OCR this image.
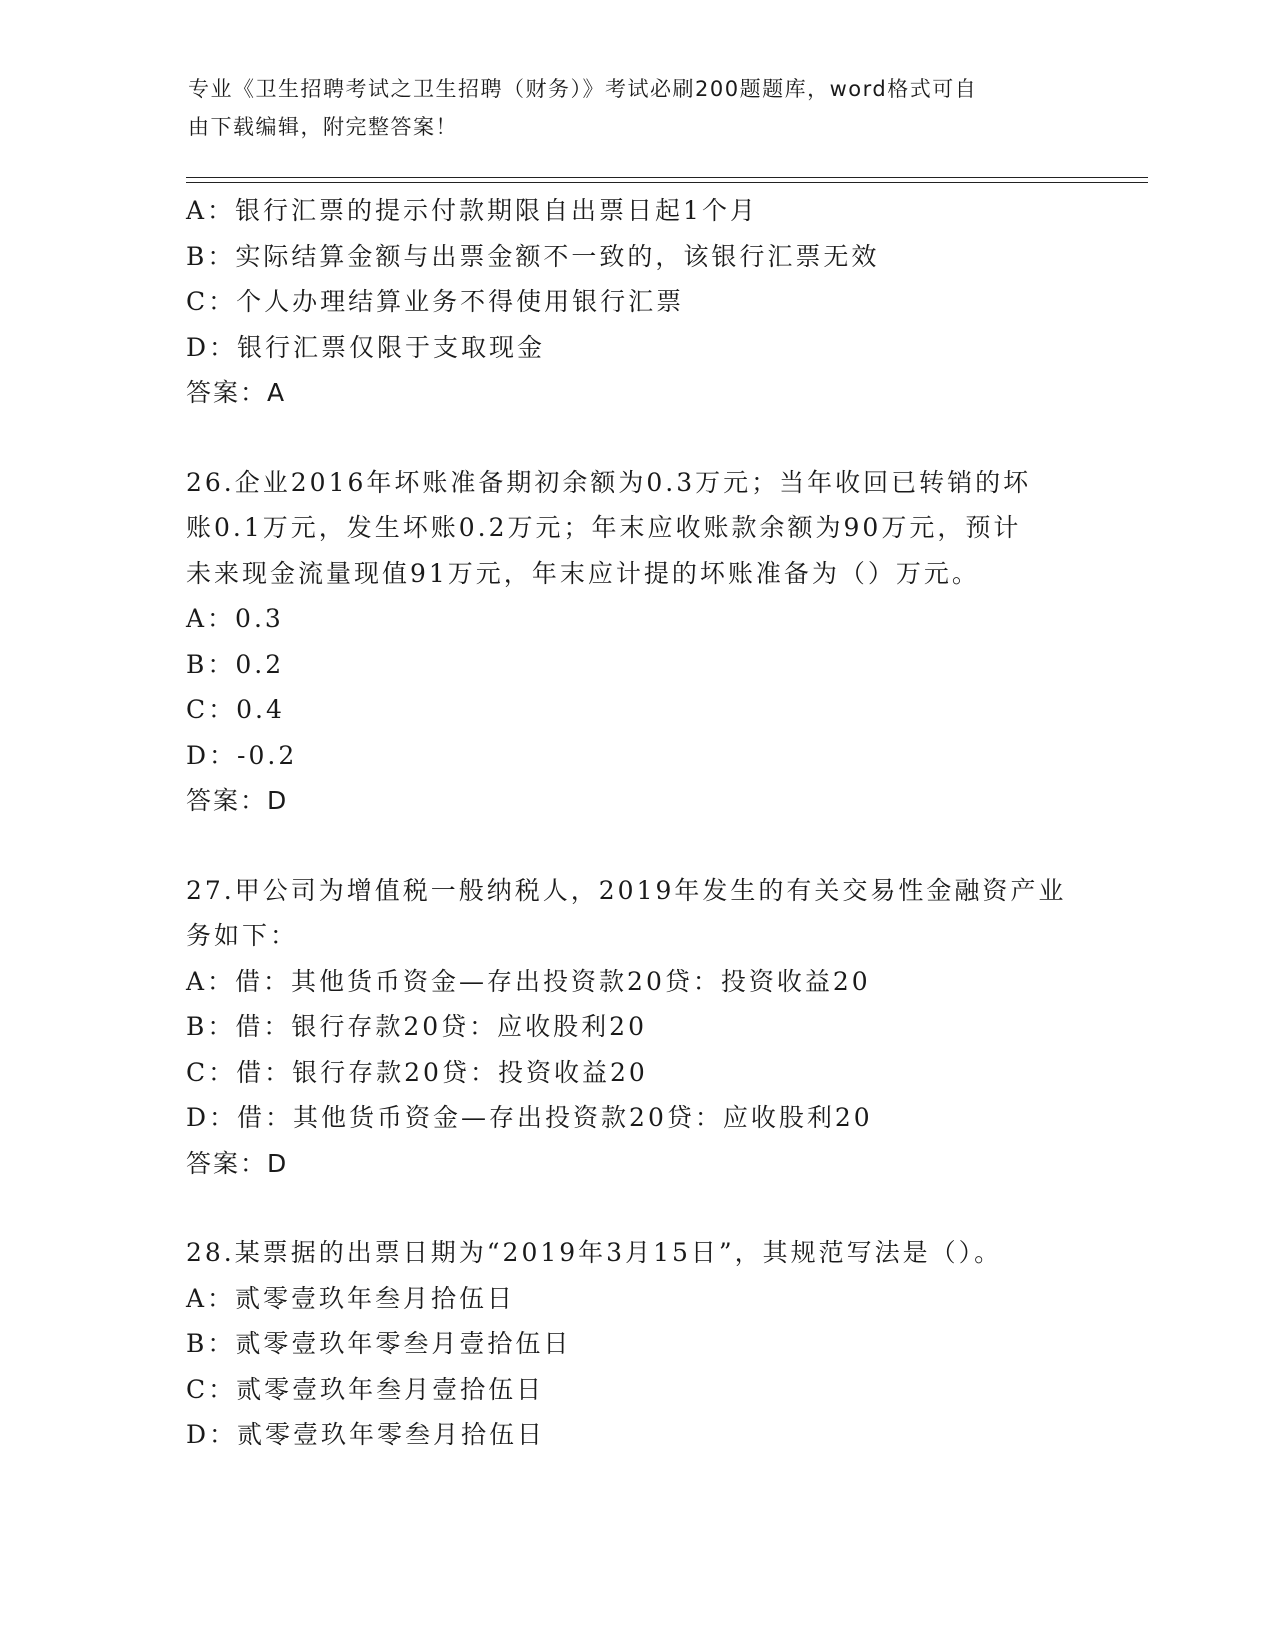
专业《卫生招聘考试之卫生招聘（财务）》考试必刷200题题库，word格式可自
由下载编辑，附完整答案！
A：银行汇票的提示付款期限自出票日起1个月
B：实际结算金额与出票金额不一致的，该银行汇票无效
C：个人办理结算业务不得使用银行汇票
D：银行汇票仅限于支取现金
答案：A
26.企业2016年坏账准备期初余额为0.3万元；当年收回已转销的坏
账0.1万元，发生坏账0.2万元；年末应收账款余额为90万元，预计
未来现金流量现值91万元，年末应计提的坏账准备为（）万元。
A：0.3
B：0.2
C：0.4
D：-0.2
答案：D
27.甲公司为增值税一般纳税人，2019年发生的有关交易性金融资产业
务如下：
A：借：其他货币资金—存出投资款20贷：投资收益20
B：借：银行存款20贷：应收股利20
C：借：银行存款20贷：投资收益20
D：借：其他货币资金—存出投资款20贷：应收股利20
答案：D
28.某票据的出票日期为“2019年3月15日”，其规范写法是（）。
A：贰零壹玖年叁月拾伍日
B：贰零壹玖年零叁月壹拾伍日
C：贰零壹玖年叁月壹拾伍日
D：贰零壹玖年零叁月拾伍日
